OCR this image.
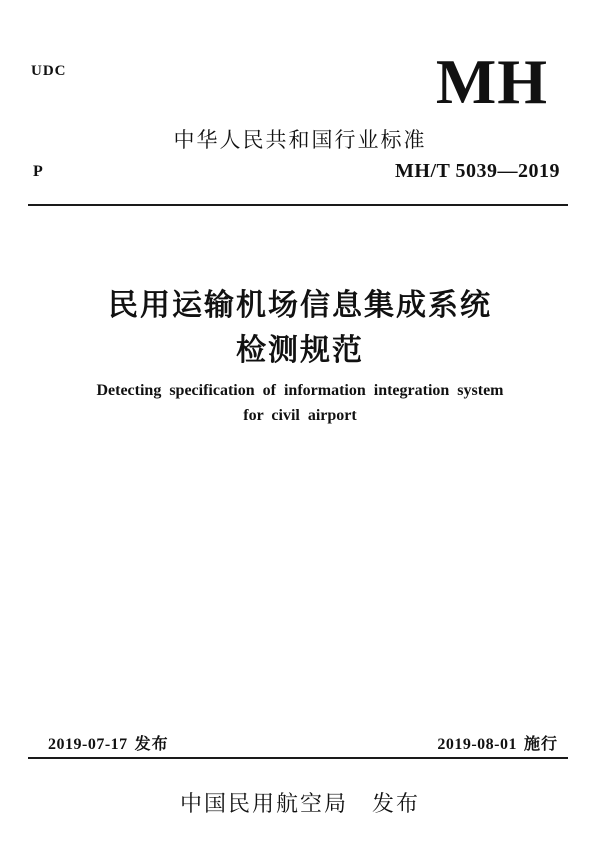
UDC	MH
中华人民共和国行业标准
P	MH/T 5039—2019
民用运输机场信息集成系统
检测规范
Detecting specification of information integration system
for civil airport
2019-07-17 发布	2019-08-01 施行
中国民用航空局　发布
